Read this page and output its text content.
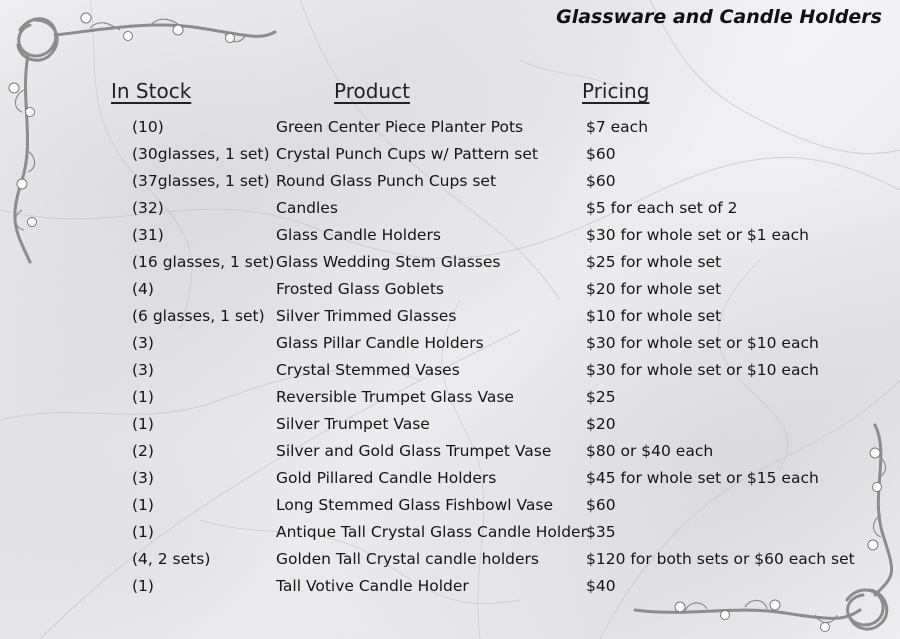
Glassware and Candle Holders
In Stock	Product	Pricing
(10)	Green Center Piece Planter Pots	$7 each
(30glasses, 1 set) Crystal Punch Cups w/ Pattern set	$60
(37glasses, 1 set) Round Glass Punch Cups set	$60
(32)	Candles	$5 for each set of 2
(31)	Glass Candle Holders	$30 for whole set or $1 each
(16 glasses, 1 set) Glass Wedding Stem Glasses	$25 for whole set
(4)	Frosted Glass Goblets	$20 for whole set
(6 glasses, 1 set) Silver Trimmed Glasses	$10 for whole set
(3)	Glass Pillar Candle Holders	$30 for whole set or $10 each
(3)	Crystal Stemmed Vases	$30 for whole set or $10 each
(1)	Reversible Trumpet Glass Vase	$25
(1)	Silver Trumpet Vase	$20
(2)	Silver and Gold Glass Trumpet Vase $80 or $40 each
(3)	Gold Pillared Candle Holders	$45 for whole set or $15 each
(1)	Long Stemmed Glass Fishbowl Vase $60
(1)	Antique Tall Crystal Glass Candle Holder $35
(4, 2 sets)	Golden Tall Crystal candle holders	$120 for both sets or $60 each set
(1)	Tall Votive Candle Holder	$40
